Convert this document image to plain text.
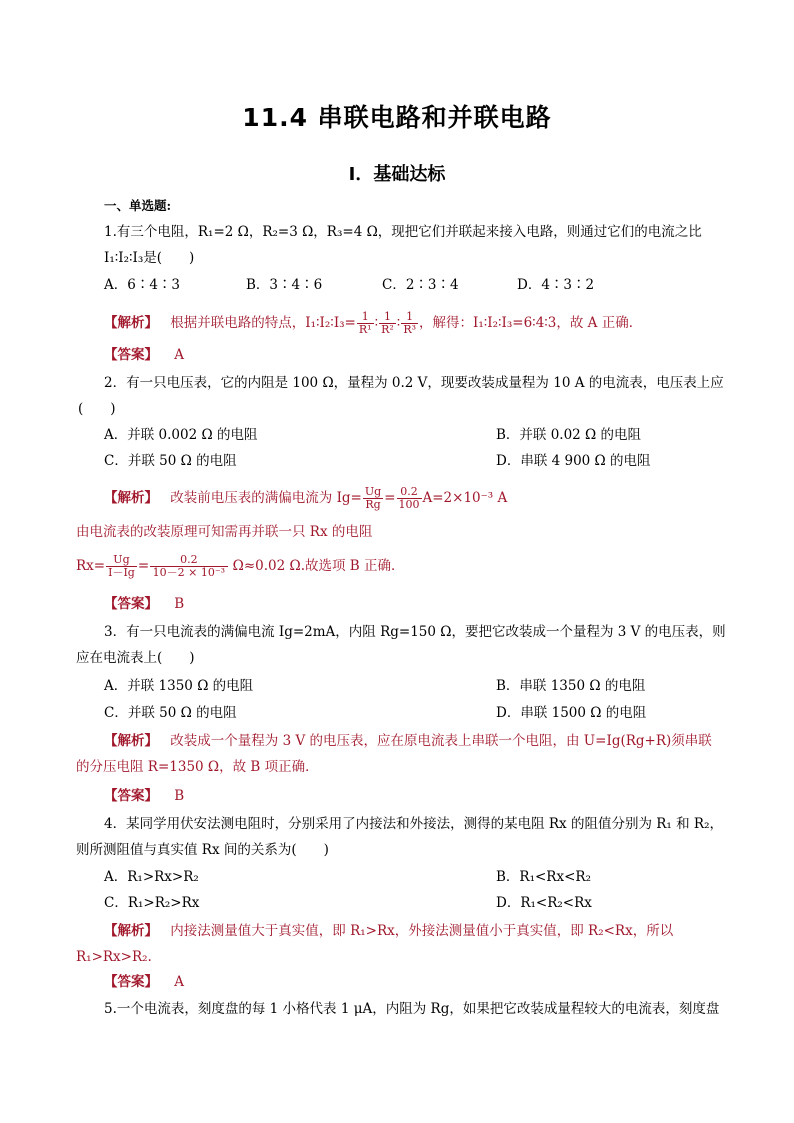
11.4 串联电路和并联电路
Ⅰ．基础达标
一、单选题:
1.有三个电阻，R₁=2 Ω，R₂=3 Ω，R₃=4 Ω，现把它们并联起来接入电路，则通过它们的电流之比
I₁∶I₂∶I₃是(　　)
A．6∶4∶3	B．3∶4∶6	C．2∶3∶4	D．4∶3∶2
【解析】 根据并联电路的特点，I₁∶I₂∶I₃= $\frac{1}{\text{R¹}}$ ∶ $\frac{1}{\text{R²}}$ ∶ $\frac{1}{\text{R³}}$ ，解得：I₁∶I₂∶I₃=6∶4∶3，故 A 正确．
【答案】 A
2．有一只电压表，它的内阻是 100 Ω，量程为 0.2 V，现要改装成量程为 10 A 的电流表，电压表上应
(　　)
A．并联 0.002 Ω 的电阻	B．并联 0.02 Ω 的电阻
C．并联 50 Ω 的电阻	D．串联 4 900 Ω 的电阻
【解析】 改装前电压表的满偏电流为 $Ig= \frac{Ug}{Rg} = \frac{0.2}{100} A=2\times 10^{-3}$ A
由电流表的改装原理可知需再并联一只 Rx 的电阻
$Rx= \frac{Ug}{I-Ig} = \frac{0.2}{\text{10－2 × 10⁻³}} \Omega\approx 0.02$ Ω.故选项 B 正确．
【答案】 B
3．有一只电流表的满偏电流 Ig=2mA，内阻 Rg=150 Ω，要把它改装成一个量程为 3 V 的电压表，则
应在电流表上(　　)
A．并联 1350 Ω 的电阻	B．串联 1350 Ω 的电阻
C．并联 50 Ω 的电阻	D．串联 1500 Ω 的电阻
【解析】 改装成一个量程为 3 V 的电压表，应在原电流表上串联一个电阻，由 U=Ig(Rg+R)须串联
的分压电阻 R=1350 Ω，故 B 项正确．
【答案】 B
4．某同学用伏安法测电阻时，分别采用了内接法和外接法，测得的某电阻 Rx 的阻值分别为 R₁ 和 R₂，
则所测阻值与真实值 Rx 间的关系为(　　)
A．R₁>Rx>R₂	B．R₁<Rx<R₂
C．R₁>R₂>Rx	D．R₁<R₂<Rx
【解析】 内接法测量值大于真实值，即 R₁>Rx，外接法测量值小于真实值，即 R₂<Rx，所以
R₁>Rx>R₂.
【答案】 A
5.一个电流表，刻度盘的每 1 小格代表 1 μA，内阻为 Rg，如果把它改装成量程较大的电流表，刻度盘
